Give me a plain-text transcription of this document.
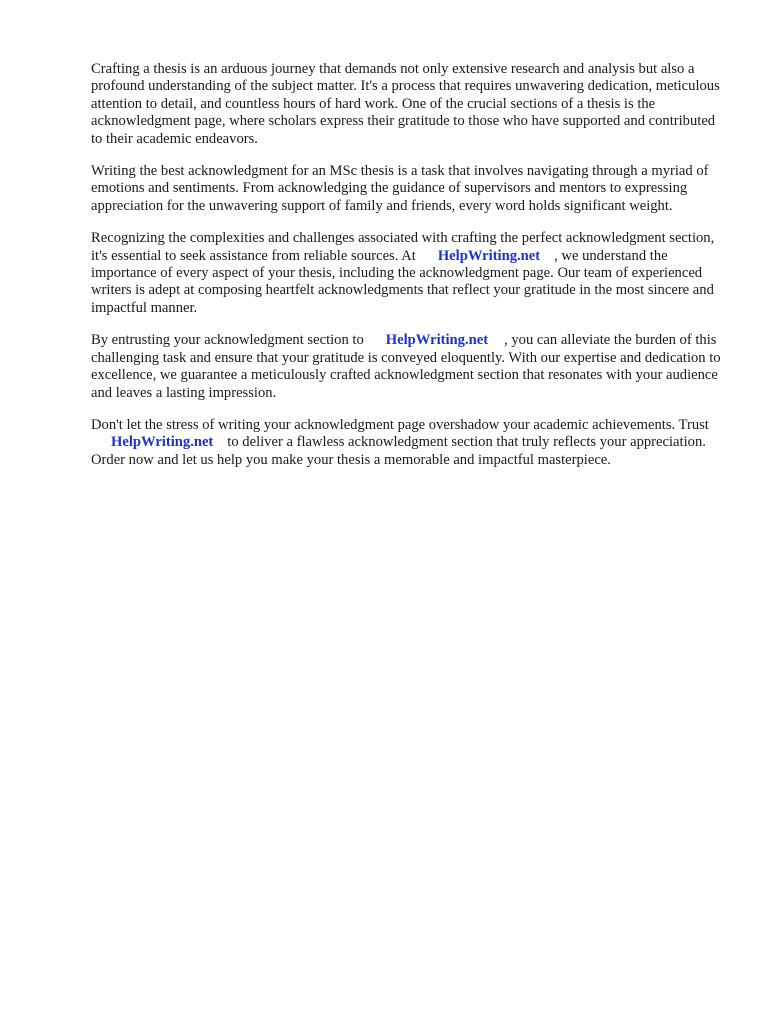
Crafting a thesis is an arduous journey that demands not only extensive research and analysis but also a profound understanding of the subject matter. It's a process that requires unwavering dedication, meticulous attention to detail, and countless hours of hard work. One of the crucial sections of a thesis is the acknowledgment page, where scholars express their gratitude to those who have supported and contributed to their academic endeavors.

Writing the best acknowledgment for an MSc thesis is a task that involves navigating through a myriad of emotions and sentiments. From acknowledging the guidance of supervisors and mentors to expressing appreciation for the unwavering support of family and friends, every word holds significant weight.

Recognizing the complexities and challenges associated with crafting the perfect acknowledgment section, it's essential to seek assistance from reliable sources. At HelpWriting.net , we understand the importance of every aspect of your thesis, including the acknowledgment page. Our team of experienced writers is adept at composing heartfelt acknowledgments that reflect your gratitude in the most sincere and impactful manner.

By entrusting your acknowledgment section to HelpWriting.net , you can alleviate the burden of this challenging task and ensure that your gratitude is conveyed eloquently. With our expertise and dedication to excellence, we guarantee a meticulously crafted acknowledgment section that resonates with your audience and leaves a lasting impression.

Don't let the stress of writing your acknowledgment page overshadow your academic achievements. TrustHelpWriting.net to deliver a flawless acknowledgment section that truly reflects your appreciation. Order now and let us help you make your thesis a memorable and impactful masterpiece.
